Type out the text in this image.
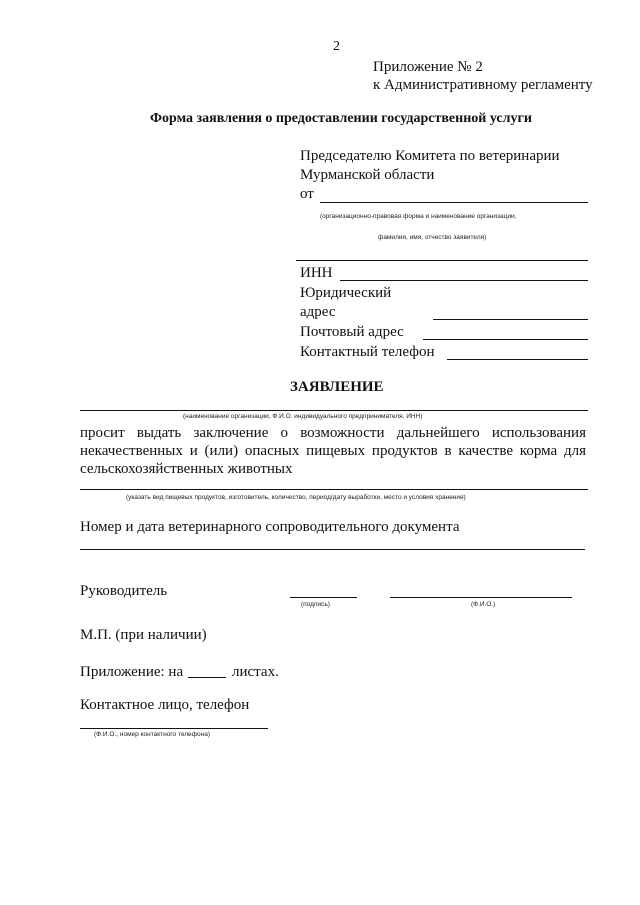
2
Приложение № 2
к Административному регламенту
Форма заявления о предоставлении государственной услуги
Председателю Комитета по ветеринарии
Мурманской области
от
(организационно-правовая форма и наименование организации,
фамилия, имя, отчество заявителя)
ИНН
Юридический
адрес
Почтовый адрес
Контактный телефон
ЗАЯВЛЕНИЕ
(наименование организации, Ф.И.О. индивидуального предпринимателя, ИНН)
просит выдать заключение о возможности дальнейшего использования
некачественных и (или) опасных пищевых продуктов в качестве корма для
сельскохозяйственных животных
(указать вид пищевых продуктов, изготовитель, количество, период/дату выработки, место и условия хранения)
Номер и дата ветеринарного сопроводительного документа
Руководитель
(подпись)	(Ф.И.О.)
М.П. (при наличии)
Приложение: на	листах.
Контактное лицо, телефон
(Ф.И.О., номер контактного телефона)
